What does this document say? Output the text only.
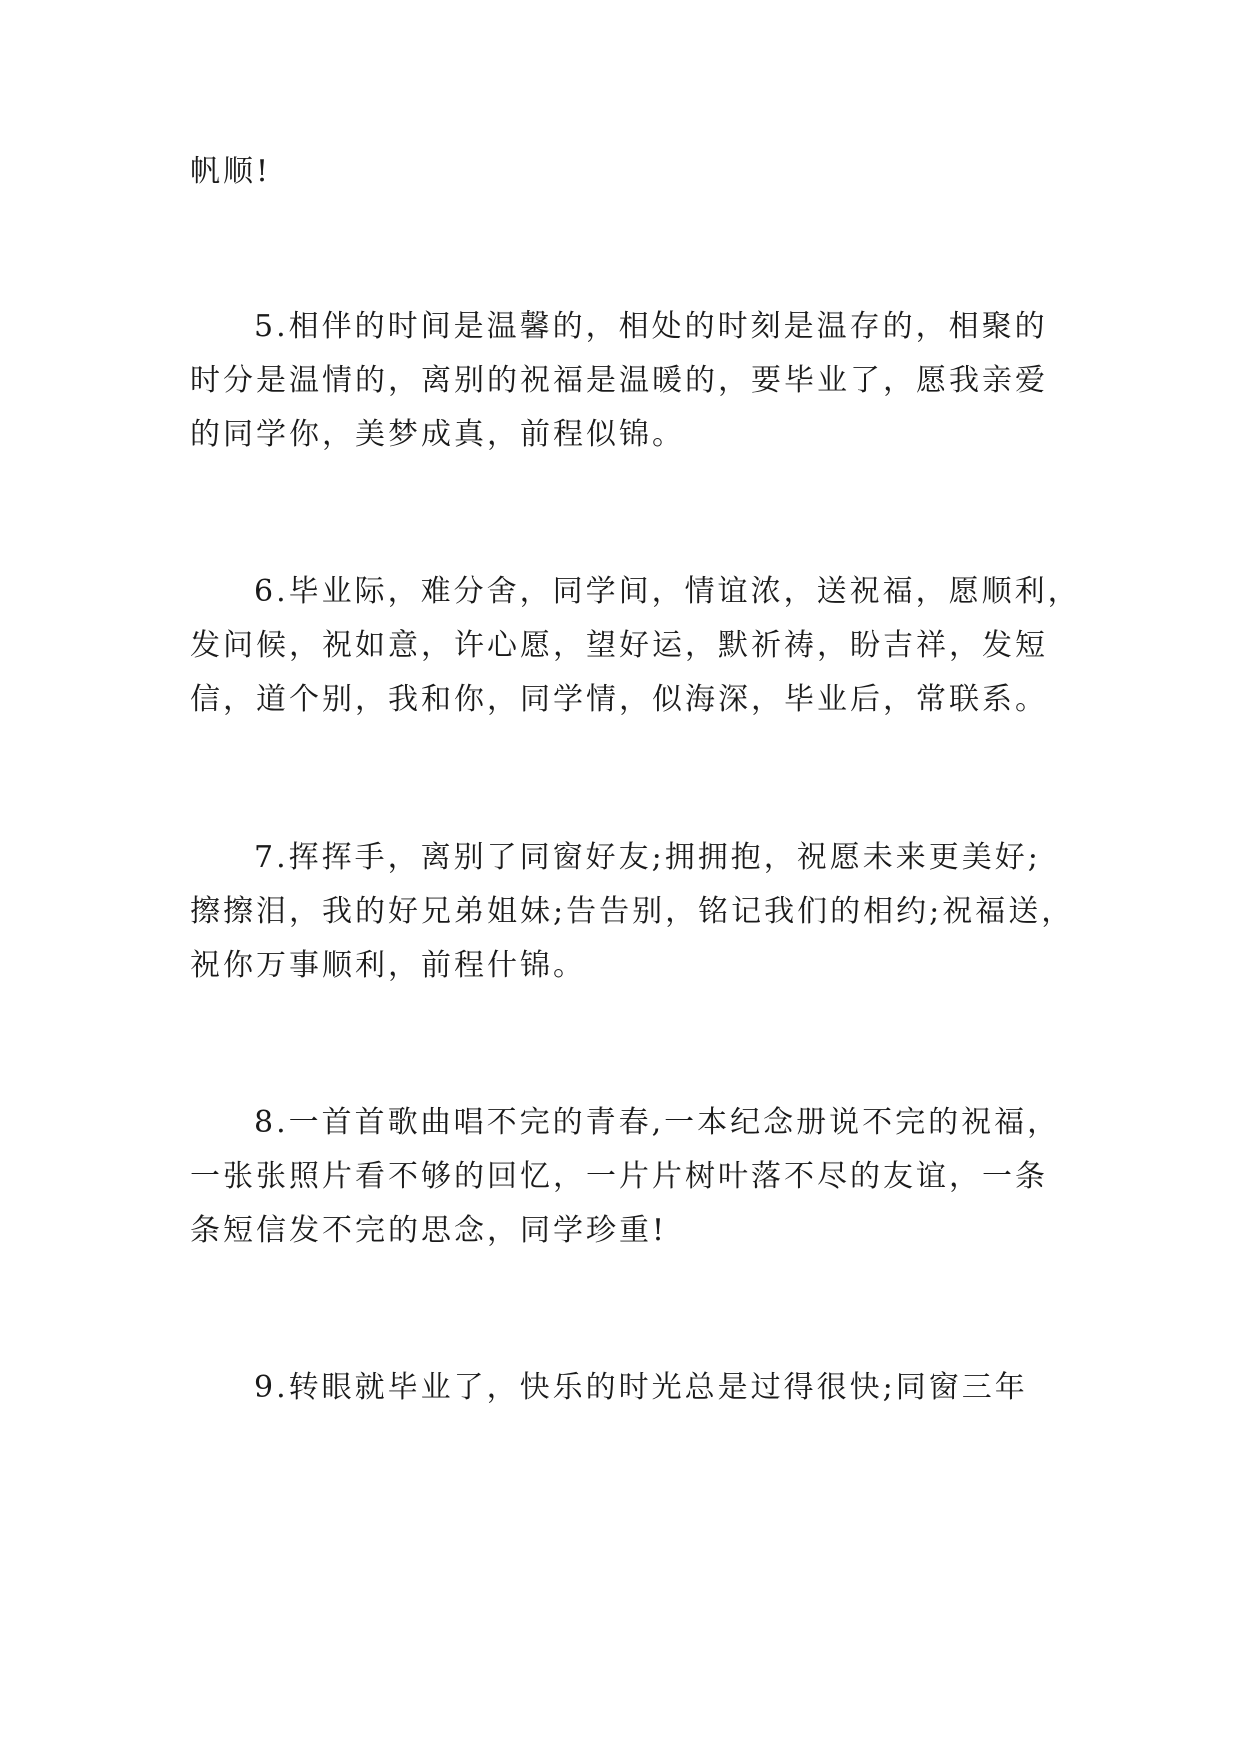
帆顺!
5.相伴的时间是温馨的，相处的时刻是温存的，相聚的
时分是温情的，离别的祝福是温暖的，要毕业了，愿我亲爱
的同学你，美梦成真，前程似锦。
6.毕业际，难分舍，同学间，情谊浓，送祝福，愿顺利，
发问候，祝如意，许心愿，望好运，默祈祷，盼吉祥，发短
信，道个别，我和你，同学情，似海深，毕业后，常联系。
7.挥挥手，离别了同窗好友;拥拥抱，祝愿未来更美好;
擦擦泪，我的好兄弟姐妹;告告别，铭记我们的相约;祝福送，
祝你万事顺利，前程什锦。
8.一首首歌曲唱不完的青春,一本纪念册说不完的祝福，
一张张照片看不够的回忆，一片片树叶落不尽的友谊，一条
条短信发不完的思念，同学珍重!
9.转眼就毕业了，快乐的时光总是过得很快;同窗三年
